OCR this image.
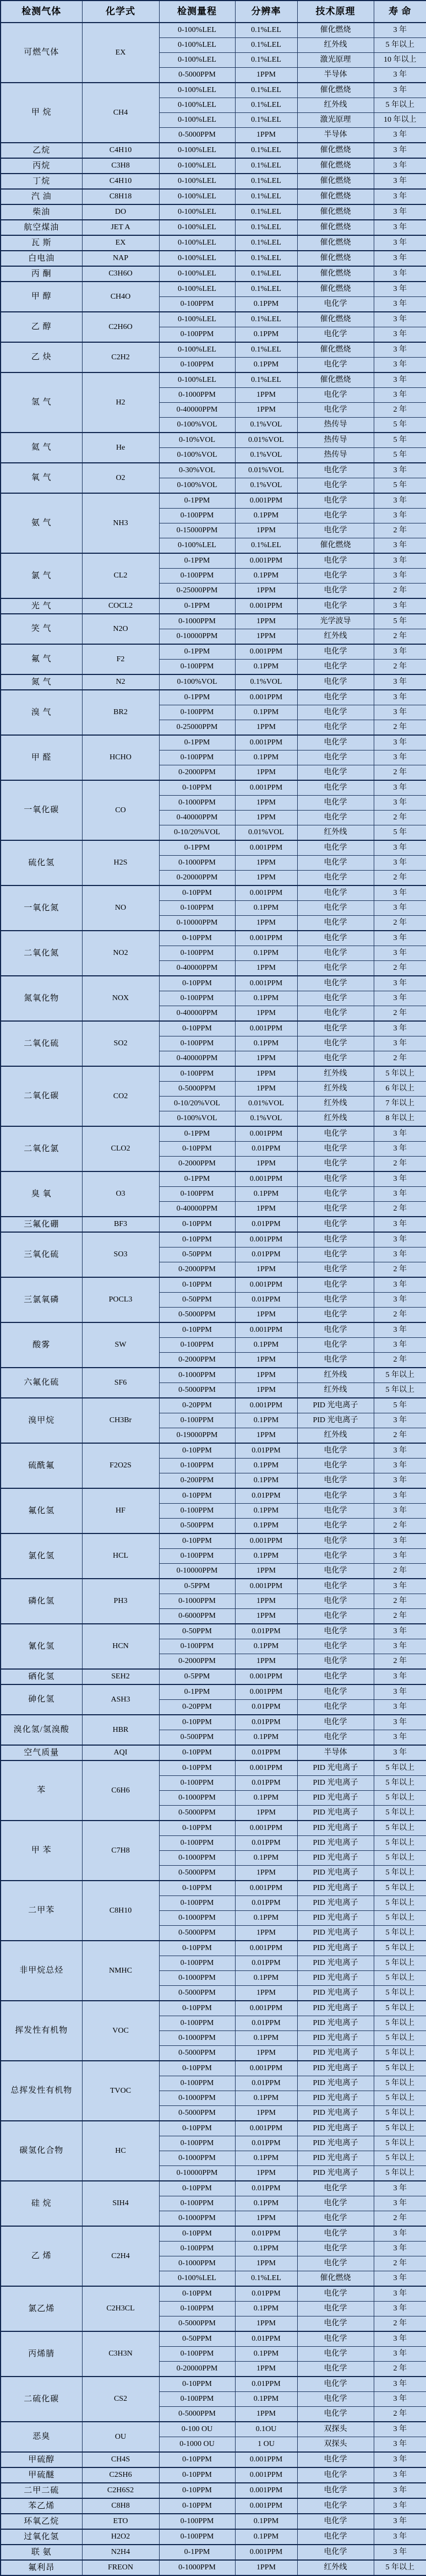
检测气体	化学式	检测量程	分辨率	技术原理	寿 命
可燃气体	EX	0-100%LEL	0.1%LEL	催化燃烧	3 年
		0-100%LEL	0.1%LEL	红外线	5 年以上
		0-100%LEL	0.1%LEL	激光原理	10 年以上
		0-5000PPM	1PPM	半导体	3 年
甲 烷	CH4	0-100%LEL	0.1%LEL	催化燃烧	3 年
		0-100%LEL	0.1%LEL	红外线	5 年以上
		0-100%LEL	0.1%LEL	激光原理	10 年以上
		0-5000PPM	1PPM	半导体	3 年
乙烷	C4H10	0-100%LEL	0.1%LEL	催化燃烧	3 年
丙烷	C3H8	0-100%LEL	0.1%LEL	催化燃烧	3 年
丁烷	C4H10	0-100%LEL	0.1%LEL	催化燃烧	3 年
汽 油	C8H18	0-100%LEL	0.1%LEL	催化燃烧	3 年
柴油	DO	0-100%LEL	0.1%LEL	催化燃烧	3 年
航空煤油	JET A	0-100%LEL	0.1%LEL	催化燃烧	3 年
瓦 斯	EX	0-100%LEL	0.1%LEL	催化燃烧	3 年
白电油	NAP	0-100%LEL	0.1%LEL	催化燃烧	3 年
丙 酮	C3H6O	0-100%LEL	0.1%LEL	催化燃烧	3 年
甲 醇	CH4O	0-100%LEL	0.1%LEL	催化燃烧	3 年
		0-100PPM	0.1PPM	电化学	3 年
乙 醇	C2H6O	0-100%LEL	0.1%LEL	催化燃烧	3 年
		0-100PPM	0.1PPM	电化学	3 年
乙 炔	C2H2	0-100%LEL	0.1%LEL	催化燃烧	3 年
		0-100PPM	0.1PPM	电化学	3 年
氢 气	H2	0-100%LEL	0.1%LEL	催化燃烧	3 年
		0-1000PPM	1PPM	电化学	3 年
		0-40000PPM	1PPM	电化学	2 年
		0-100%VOL	0.1%VOL	热传导	5 年
氦 气	He	0-10%VOL	0.01%VOL	热传导	5 年
		0-100%VOL	0.1%VOL	热传导	5 年
氧 气	O2	0-30%VOL	0.01%VOL	电化学	3 年
		0-100%VOL	0.1%VOL	电化学	5 年
氨 气	NH3	0-1PPM	0.001PPM	电化学	3 年
		0-100PPM	0.1PPM	电化学	3 年
		0-15000PPM	1PPM	电化学	2 年
		0-100%LEL	0.1%LEL	催化燃烧	3 年
氯 气	CL2	0-1PPM	0.001PPM	电化学	3 年
		0-100PPM	0.1PPM	电化学	3 年
		0-25000PPM	1PPM	电化学	2 年
光 气	COCL2	0-1PPM	0.001PPM	电化学	3 年
笑 气	N2O	0-1000PPM	1PPM	光学波导	5 年
		0-10000PPM	1PPM	红外线	2 年
氟 气	F2	0-1PPM	0.001PPM	电化学	3 年
		0-100PPM	0.1PPM	电化学	2 年
氮 气	N2	0-100%VOL	0.1%VOL	电化学	3 年
溴 气	BR2	0-1PPM	0.001PPM	电化学	3 年
		0-100PPM	0.1PPM	电化学	3 年
		0-25000PPM	1PPM	电化学	2 年
甲 醛	HCHO	0-1PPM	0.001PPM	电化学	3 年
		0-100PPM	0.1PPM	电化学	3 年
		0-2000PPM	1PPM	电化学	2 年
一氧化碳	CO	0-10PPM	0.001PPM	电化学	3 年
		0-1000PPM	1PPM	电化学	3 年
		0-40000PPM	1PPM	电化学	2 年
		0-10/20%VOL	0.01%VOL	红外线	5 年
硫化氢	H2S	0-1PPM	0.001PPM	电化学	3 年
		0-1000PPM	1PPM	电化学	3 年
		0-20000PPM	1PPM	电化学	2 年
一氧化氮	NO	0-10PPM	0.001PPM	电化学	3 年
		0-100PPM	0.1PPM	电化学	3 年
		0-10000PPM	1PPM	电化学	2 年
二氧化氮	NO2	0-10PPM	0.001PPM	电化学	3 年
		0-100PPM	0.1PPM	电化学	3 年
		0-40000PPM	1PPM	电化学	2 年
氮氧化物	NOX	0-10PPM	0.001PPM	电化学	3 年
		0-100PPM	0.1PPM	电化学	3 年
		0-40000PPM	1PPM	电化学	2 年
二氧化硫	SO2	0-10PPM	0.001PPM	电化学	3 年
		0-100PPM	0.1PPM	电化学	3 年
		0-40000PPM	1PPM	电化学	2 年
二氧化碳	CO2	0-100PPM	1PPM	红外线	5 年以上
		0-5000PPM	1PPM	红外线	6 年以上
		0-10/20%VOL	0.01%VOL	红外线	7 年以上
		0-100%VOL	0.1%VOL	红外线	8 年以上
二氧化氯	CLO2	0-1PPM	0.001PPM	电化学	3 年
		0-10PPM	0.01PPM	电化学	3 年
		0-2000PPM	1PPM	电化学	2 年
臭 氧	O3	0-1PPM	0.001PPM	电化学	3 年
		0-100PPM	0.1PPM	电化学	3 年
		0-40000PPM	1PPM	电化学	2 年
三氟化硼	BF3	0-10PPM	0.01PPM	电化学	3 年
三氧化硫	SO3	0-10PPM	0.001PPM	电化学	3 年
		0-50PPM	0.01PPM	电化学	3 年
		0-2000PPM	1PPM	电化学	2 年
三氯氧磷	POCL3	0-10PPM	0.001PPM	电化学	3 年
		0-50PPM	0.01PPM	电化学	3 年
		0-5000PPM	1PPM	电化学	2 年
酸雾	SW	0-10PPM	0.001PPM	电化学	3 年
		0-100PPM	0.1PPM	电化学	3 年
		0-2000PPM	1PPM	电化学	2 年
六氟化硫	SF6	0-1000PPM	1PPM	红外线	5 年以上
		0-5000PPM	1PPM	红外线	5 年以上
溴甲烷	CH3Br	0-20PPM	0.001PPM	PID 光电离子	5 年
		0-100PPM	0.1PPM	PID 光电离子	3 年
		0-19000PPM	1PPM	红外线	2 年
硫酰氟	F2O2S	0-10PPM	0.01PPM	电化学	3 年
		0-100PPM	0.1PPM	电化学	3 年
		0-200PPM	0.1PPM	电化学	3 年
氟化氢	HF	0-10PPM	0.01PPM	电化学	3 年
		0-100PPM	0.1PPM	电化学	3 年
		0-500PPM	0.1PPM	电化学	2 年
氯化氢	HCL	0-10PPM	0.001PPM	电化学	3 年
		0-100PPM	0.1PPM	电化学	3 年
		0-10000PPM	1PPM	电化学	2 年
磷化氢	PH3	0-5PPM	0.001PPM	电化学	3 年
		0-1000PPM	1PPM	电化学	2 年
		0-6000PPM	1PPM	电化学	2 年
氰化氢	HCN	0-50PPM	0.01PPM	电化学	3 年
		0-100PPM	0.1PPM	电化学	3 年
		0-2000PPM	1PPM	电化学	2 年
硒化氢	SEH2	0-5PPM	0.001PPM	电化学	3 年
砷化氢	ASH3	0-1PPM	0.001PPM	电化学	3 年
		0-20PPM	0.01PPM	电化学	3 年
溴化氢/氢溴酸	HBR	0-10PPM	0.01PPM	电化学	3 年
		0-500PPM	0.1PPM	电化学	3 年
空气质量	AQI	0-10PPM	0.01PPM	半导体	3 年
苯	C6H6	0-10PPM	0.001PPM	PID 光电离子	5 年以上
		0-100PPM	0.01PPM	PID 光电离子	5 年以上
		0-1000PPM	0.1PPM	PID 光电离子	5 年以上
		0-5000PPM	1PPM	PID 光电离子	5 年以上
甲 苯	C7H8	0-10PPM	0.001PPM	PID 光电离子	5 年以上
		0-100PPM	0.01PPM	PID 光电离子	5 年以上
		0-1000PPM	0.1PPM	PID 光电离子	5 年以上
		0-5000PPM	1PPM	PID 光电离子	5 年以上
二甲苯	C8H10	0-10PPM	0.001PPM	PID 光电离子	5 年以上
		0-100PPM	0.01PPM	PID 光电离子	5 年以上
		0-1000PPM	0.1PPM	PID 光电离子	5 年以上
		0-5000PPM	1PPM	PID 光电离子	5 年以上
非甲烷总烃	NMHC	0-10PPM	0.001PPM	PID 光电离子	5 年以上
		0-100PPM	0.01PPM	PID 光电离子	5 年以上
		0-1000PPM	0.1PPM	PID 光电离子	5 年以上
		0-5000PPM	1PPM	PID 光电离子	5 年以上
挥发性有机物	VOC	0-10PPM	0.001PPM	PID 光电离子	5 年以上
		0-100PPM	0.01PPM	PID 光电离子	5 年以上
		0-1000PPM	0.1PPM	PID 光电离子	5 年以上
		0-5000PPM	1PPM	PID 光电离子	5 年以上
总挥发性有机物	TVOC	0-10PPM	0.001PPM	PID 光电离子	5 年以上
		0-100PPM	0.01PPM	PID 光电离子	5 年以上
		0-1000PPM	0.1PPM	PID 光电离子	5 年以上
		0-5000PPM	1PPM	PID 光电离子	5 年以上
碳氢化合物	HC	0-10PPM	0.001PPM	PID 光电离子	5 年以上
		0-100PPM	0.01PPM	PID 光电离子	5 年以上
		0-1000PPM	0.1PPM	PID 光电离子	5 年以上
		0-10000PPM	1PPM	PID 光电离子	5 年以上
硅 烷	SIH4	0-10PPM	0.01PPM	电化学	3 年
		0-100PPM	0.1PPM	电化学	3 年
		0-1000PPM	1PPM	电化学	2 年
乙 烯	C2H4	0-10PPM	0.01PPM	电化学	3 年
		0-100PPM	0.1PPM	电化学	3 年
		0-1000PPM	1PPM	电化学	2 年
		0-100%LEL	0.1%LEL	催化燃烧	3 年
氯乙烯	C2H3CL	0-10PPM	0.01PPM	电化学	3 年
		0-100PPM	0.1PPM	电化学	3 年
		0-5000PPM	1PPM	电化学	2 年
丙烯腈	C3H3N	0-50PPM	0.01PPM	电化学	3 年
		0-100PPM	0.1PPM	电化学	3 年
		0-20000PPM	1PPM	电化学	2 年
二硫化碳	CS2	0-10PPM	0.01PPM	电化学	3 年
		0-100PPM	0.1PPM	电化学	3 年
		0-5000PPM	1PPM	电化学	2 年
恶臭	OU	0-100 OU	0.1OU	双探头	3 年
		0-1000 OU	1 OU	双探头	3 年
甲硫醇	CH4S	0-10PPM	0.001PPM	电化学	3 年
甲硫醚	C2SH6	0-10PPM	0.001PPM	电化学	3 年
二甲二硫	C2H6S2	0-10PPM	0.001PPM	电化学	3 年
苯乙烯	C8H8	0-10PPM	0.001PPM	电化学	3 年
环氧乙烷	ETO	0-100PPM	0.1PPM	电化学	3 年
过氧化氢	H2O2	0-100PPM	0.1PPM	电化学	3 年
联 氨	N2H4	0-1PPM	0.001PPM	电化学	3 年
氟利昂	FREON	0-1000PPM	1PPM	红外线	5 年以上
